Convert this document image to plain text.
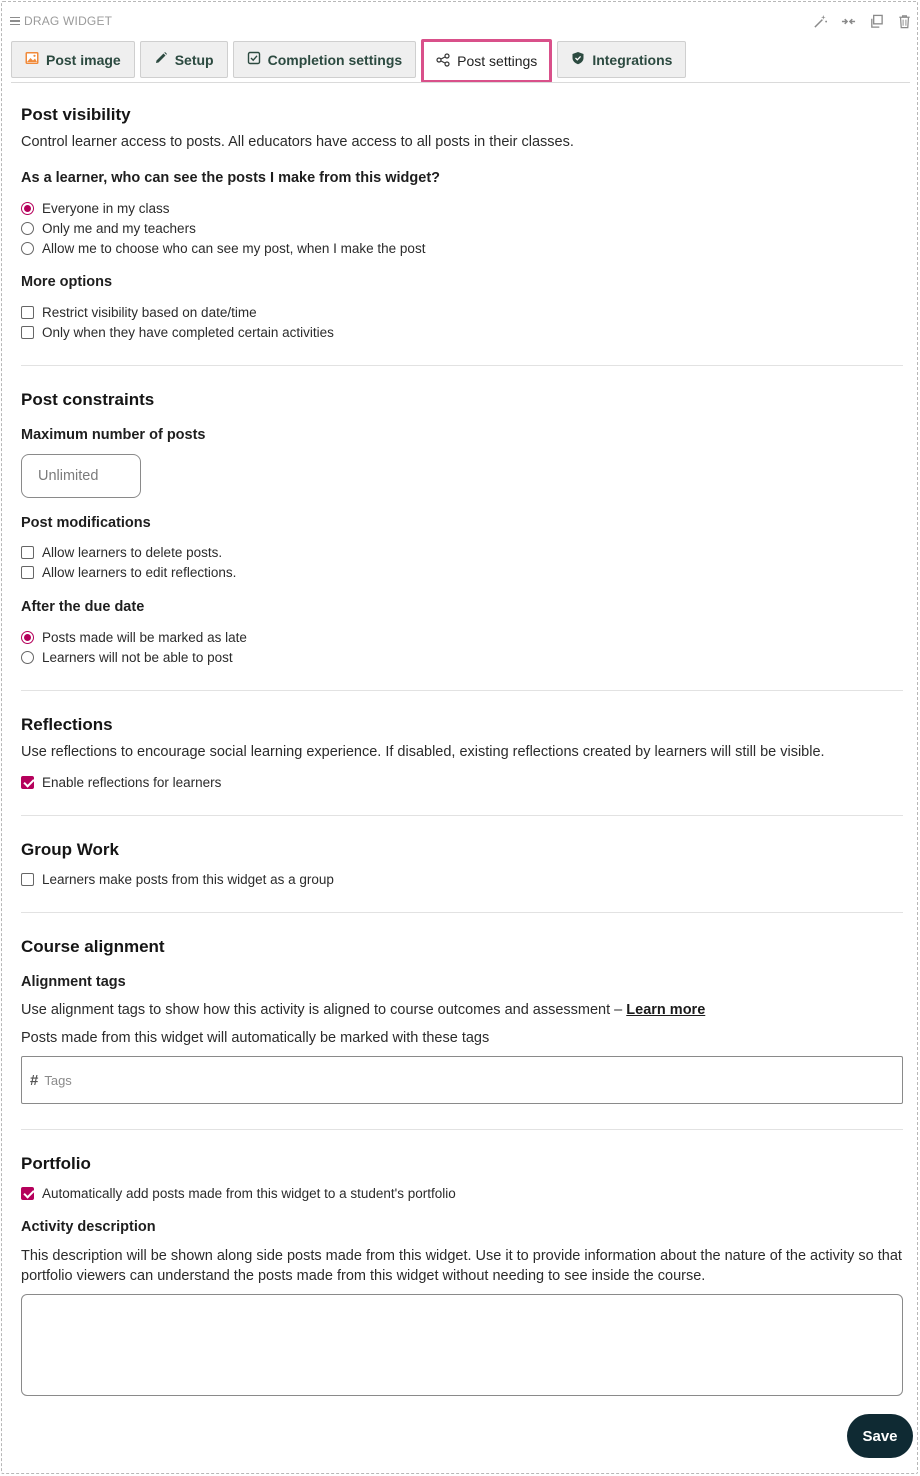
DRAG WIDGET
Post image	Setup	Completion settings	Post settings	Integrations
Post visibility
Control learner access to posts. All educators have access to all posts in their classes.
As a learner, who can see the posts I make from this widget?
Everyone in my class
Only me and my teachers
Allow me to choose who can see my post, when I make the post
More options
Restrict visibility based on date/time
Only when they have completed certain activities
Post constraints
Maximum number of posts
Unlimited
Post modifications
Allow learners to delete posts.
Allow learners to edit reflections.
After the due date
Posts made will be marked as late
Learners will not be able to post
Reflections
Use reflections to encourage social learning experience. If disabled, existing reflections created by learners will still be visible.
Enable reflections for learners
Group Work
Learners make posts from this widget as a group
Course alignment
Alignment tags
Use alignment tags to show how this activity is aligned to course outcomes and assessment – Learn more
Posts made from this widget will automatically be marked with these tags
# Tags
Portfolio
Automatically add posts made from this widget to a student's portfolio
Activity description
This description will be shown along side posts made from this widget. Use it to provide information about the nature of the activity so that portfolio viewers can understand the posts made from this widget without needing to see inside the course.
Save
